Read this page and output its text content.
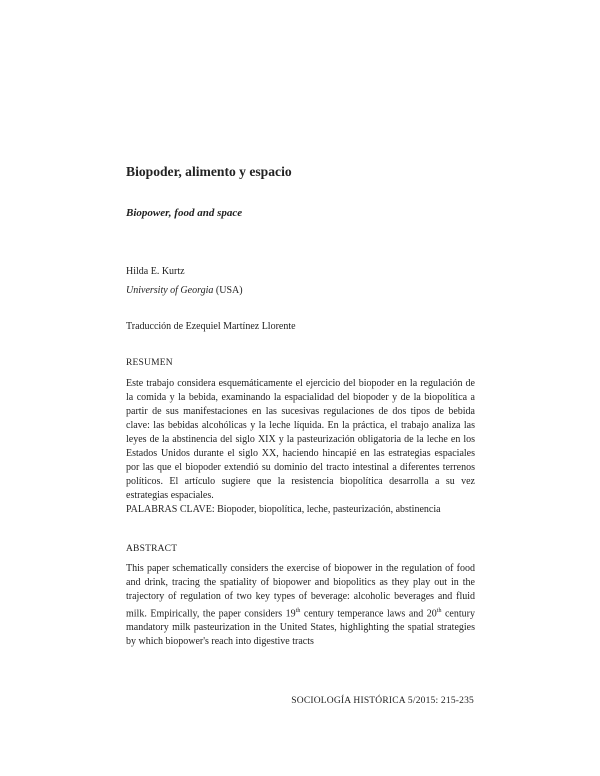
Biopoder, alimento y espacio
Biopower, food and space
Hilda E. Kurtz
University of Georgia (USA)
Traducción de Ezequiel Martínez Llorente
RESUMEN

Este trabajo considera esquemáticamente el ejercicio del biopoder en la regulación de la comida y la bebida, examinando la espacialidad del biopoder y de la biopolítica a partir de sus manifestaciones en las sucesivas regulaciones de dos tipos de bebida clave: las bebidas alcohólicas y la leche líquida. En la práctica, el trabajo analiza las leyes de la abstinencia del siglo XIX y la pasteurización obligatoria de la leche en los Estados Unidos durante el siglo XX, haciendo hincapié en las estrategias espaciales por las que el biopoder extendió su dominio del tracto intestinal a diferentes terrenos políticos. El artículo sugiere que la resistencia biopolítica desarrolla a su vez estrategias espaciales.

PALABRAS CLAVE: Biopoder, biopolítica, leche, pasteurización, abstinencia
ABSTRACT

This paper schematically considers the exercise of biopower in the regulation of food and drink, tracing the spatiality of biopower and biopolitics as they play out in the trajectory of regulation of two key types of beverage: alcoholic beverages and fluid milk. Empirically, the paper considers 19th century temperance laws and 20th century mandatory milk pasteurization in the United States, highlighting the spatial strategies by which biopower's reach into digestive tracts

SOCIOLOGÍA HISTÓRICA 5/2015: 215-235
